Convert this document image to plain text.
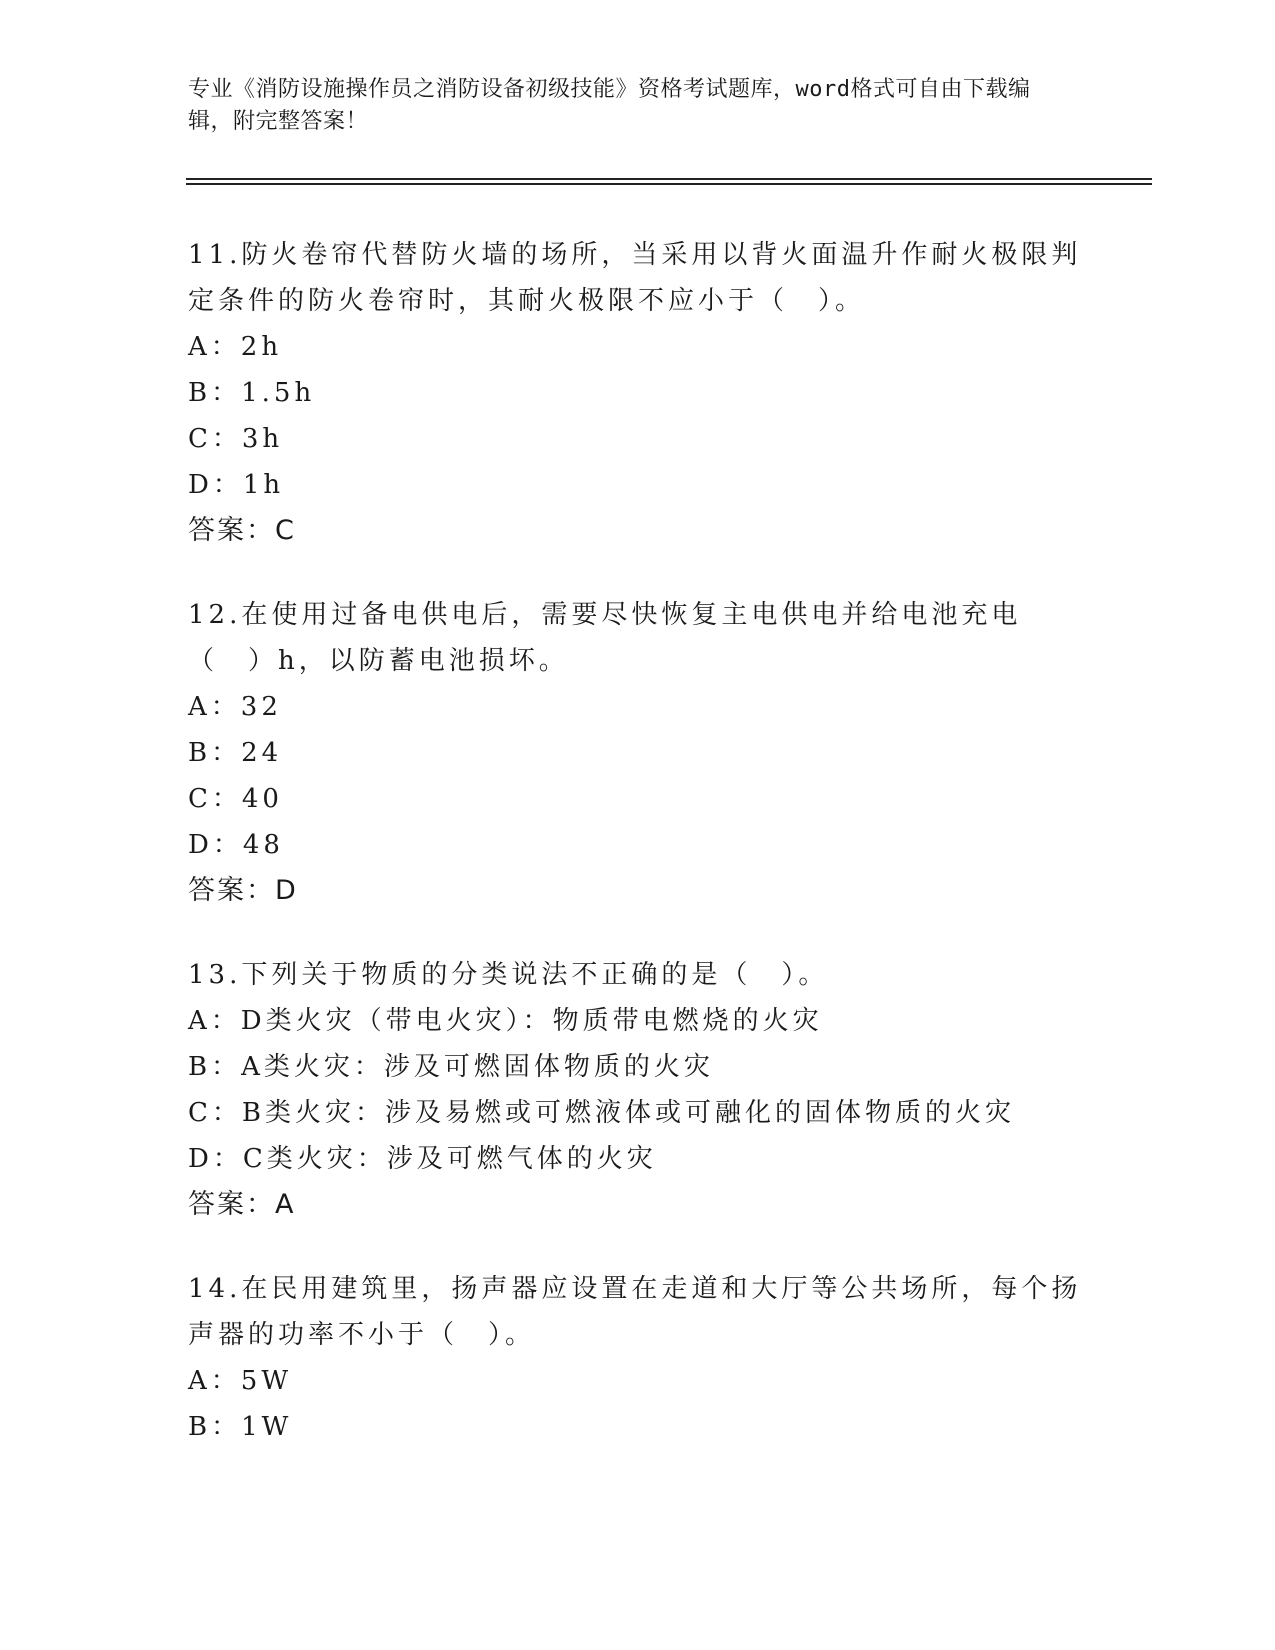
专业《消防设施操作员之消防设备初级技能》资格考试题库，word格式可自由下载编辑，附完整答案！
11.防火卷帘代替防火墙的场所，当采用以背火面温升作耐火极限判定条件的防火卷帘时，其耐火极限不应小于（　）。
A：2h
B：1.5h
C：3h
D：1h
答案：C
12.在使用过备电供电后，需要尽快恢复主电供电并给电池充电（　）h，以防蓄电池损坏。
A：32
B：24
C：40
D：48
答案：D
13.下列关于物质的分类说法不正确的是（　）。
A：D类火灾（带电火灾）：物质带电燃烧的火灾
B：A类火灾：涉及可燃固体物质的火灾
C：B类火灾：涉及易燃或可燃液体或可融化的固体物质的火灾
D：C类火灾：涉及可燃气体的火灾
答案：A
14.在民用建筑里，扬声器应设置在走道和大厅等公共场所，每个扬声器的功率不小于（　）。
A：5W
B：1W
